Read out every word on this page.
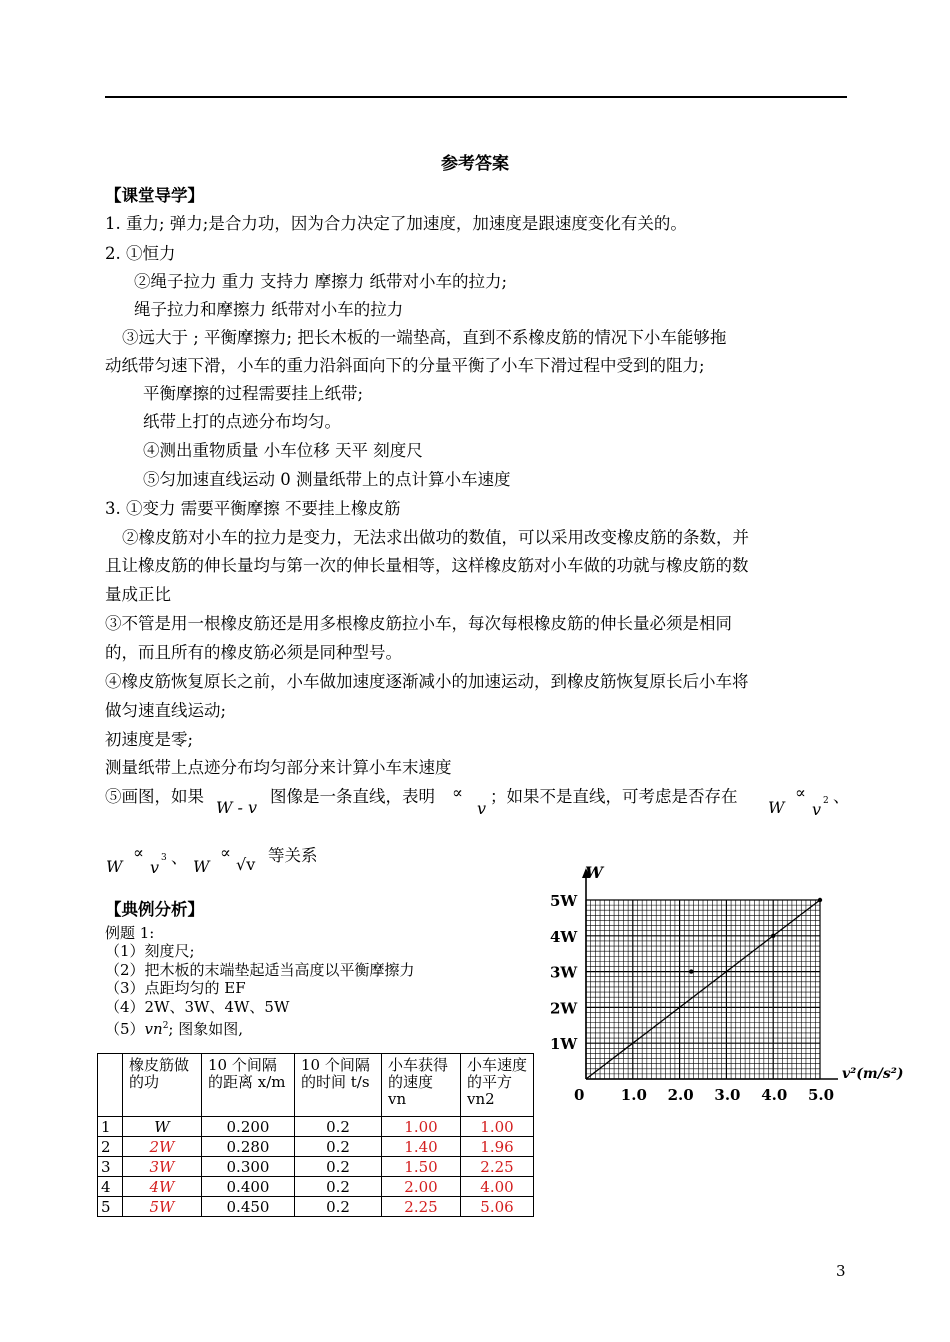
参考答案
【课堂导学】
1. 重力; 弹力;是合力功，因为合力决定了加速度，加速度是跟速度变化有关的。
2. ①恒力
②绳子拉力 重力 支持力 摩擦力 纸带对小车的拉力;
绳子拉力和摩擦力 纸带对小车的拉力
③远大于 ; 平衡摩擦力; 把长木板的一端垫高，直到不系橡皮筋的情况下小车能够拖
动纸带匀速下滑，小车的重力沿斜面向下的分量平衡了小车下滑过程中受到的阻力;
平衡摩擦的过程需要挂上纸带;
纸带上打的点迹分布均匀。
④测出重物质量 小车位移 天平 刻度尺
⑤匀加速直线运动 0 测量纸带上的点计算小车速度
3. ①变力 需要平衡摩擦 不要挂上橡皮筋
②橡皮筋对小车的拉力是变力，无法求出做功的数值，可以采用改变橡皮筋的条数，并
且让橡皮筋的伸长量均与第一次的伸长量相等，这样橡皮筋对小车做的功就与橡皮筋的数
量成正比
③不管是用一根橡皮筋还是用多根橡皮筋拉小车，每次每根橡皮筋的伸长量必须是相同
的，而且所有的橡皮筋必须是同种型号。
④橡皮筋恢复原长之前，小车做加速度逐渐减小的加速运动，到橡皮筋恢复原长后小车将
做匀速直线运动;
初速度是零;
测量纸带上点迹分布均匀部分来计算小车末速度
⑤画图，如果
W - v
图像是一条直线，表明 ∝
v
；如果不是直线，可考虑是否存在
W
∝
v 2 、
W
∝
v 3 、 W
∝
√v 等关系
【典例分析】
例题 1:
（1）刻度尺;
（2）把木板的末端垫起适当高度以平衡摩擦力
（3）点距均匀的 EF
（4）2W、3W、4W、5W
$(5)vn^2$; 图象如图,
	橡皮筋做的功	10 个间隔的距离 x/m	10 个间隔的时间 t/s	小车获得的速度 vn	小车速度的平方 vn2
1	W	0.200	0.2	1.00	1.00
2	2W	0.280	0.2	1.40	1.96
3	3W	0.300	0.2	1.50	2.25
4	4W	0.400	0.2	2.00	4.00
5	5W	0.450	0.2	2.25	5.06
0 1.0 2.0 3.0 4.0 5.0
1W
2W
3W
4W
5W
W
v²(m/s²)
3
